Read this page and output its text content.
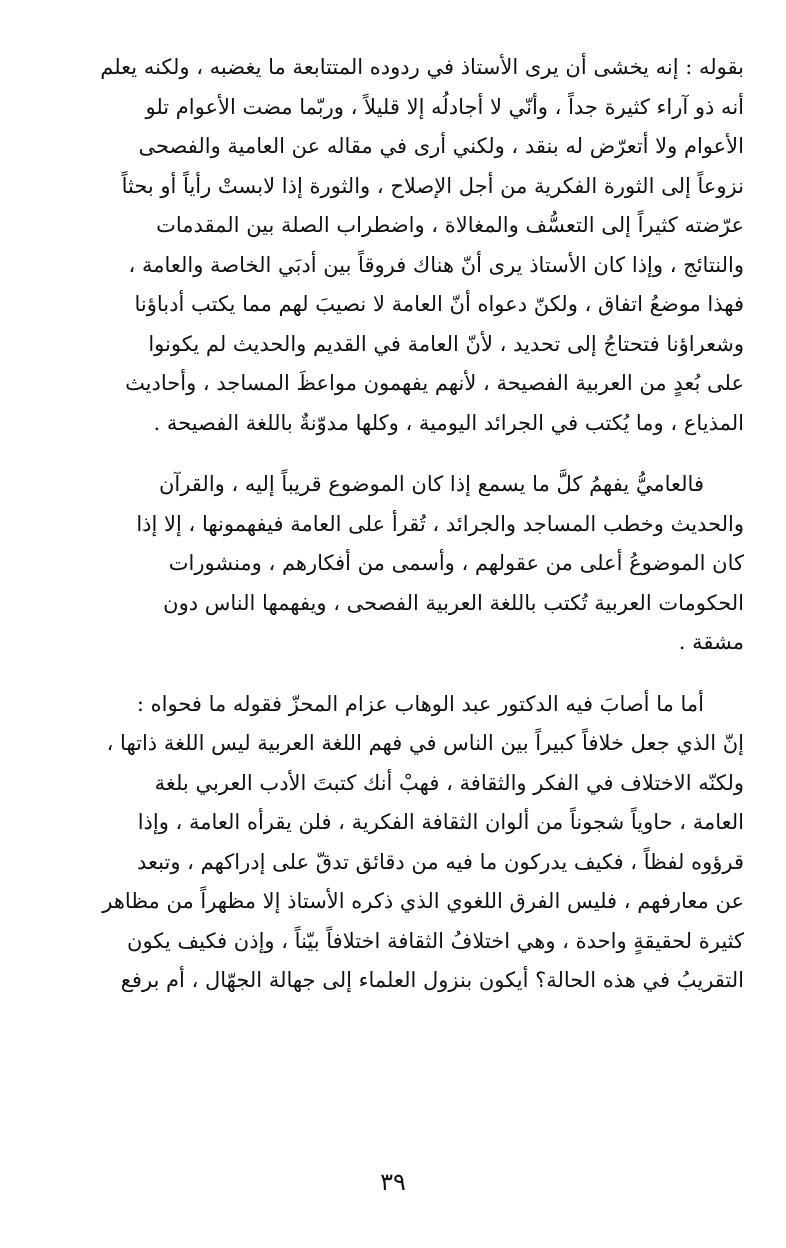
بقوله : إنه يخشى أن يرى الأستاذ في ردوده المتتابعة ما يغضبه ، ولكنه يعلم
أنه ذو آراء كثيرة جداً ، وأنّي لا أجادلُه إلا قليلاً ، وربّما مضت الأعوام تلو
الأعوام ولا أتعرّض له بنقد ، ولكني أرى في مقاله عن العامية والفصحى
نزوعاً إلى الثورة الفكرية من أجل الإصلاح ، والثورة إذا لابستْ رأياً أو بحثاً
عرّضته كثيراً إلى التعسُّف والمغالاة ، واضطراب الصلة بين المقدمات
والنتائج ، وإذا كان الأستاذ يرى أنّ هناك فروقاً بين أدبَي الخاصة والعامة ،
فهذا موضعُ اتفاق ، ولكنّ دعواه أنّ العامة لا نصيبَ لهم مما يكتب أدباؤنا
وشعراؤنا فتحتاجُ إلى تحديد ، لأنّ العامة في القديم والحديث لم يكونوا
على بُعدٍ من العربية الفصيحة ، لأنهم يفهمون مواعظَ المساجد ، وأحاديث
المذياع ، وما يُكتب في الجرائد اليومية ، وكلها مدوّنةٌ باللغة الفصيحة .
فالعاميُّ يفهمُ كلَّ ما يسمع إذا كان الموضوع قريباً إليه ، والقرآن
والحديث وخطب المساجد والجرائد ، تُقرأ على العامة فيفهمونها ، إلا إذا
كان الموضوعُ أعلى من عقولهم ، وأسمى من أفكارهم ، ومنشورات
الحكومات العربية تُكتب باللغة العربية الفصحى ، ويفهمها الناس دون
مشقة .
أما ما أصابَ فيه الدكتور عبد الوهاب عزام المحزّ فقوله ما فحواه :
إنّ الذي جعل خلافاً كبيراً بين الناس في فهم اللغة العربية ليس اللغة ذاتها ،
ولكنّه الاختلاف في الفكر والثقافة ، فهبْ أنك كتبتَ الأدب العربي بلغة
العامة ، حاوياً شجوناً من ألوان الثقافة الفكرية ، فلن يقرأه العامة ، وإذا
قرؤوه لفظاً ، فكيف يدركون ما فيه من دقائق تدقّ على إدراكهم ، وتبعد
عن معارفهم ، فليس الفرق اللغوي الذي ذكره الأستاذ إلا مظهراً من مظاهر
كثيرة لحقيقةٍ واحدة ، وهي اختلافُ الثقافة اختلافاً بيّناً ، وإذن فكيف يكون
التقريبُ في هذه الحالة؟ أيكون بنزول العلماء إلى جهالة الجهّال ، أم برفع
٣٩
